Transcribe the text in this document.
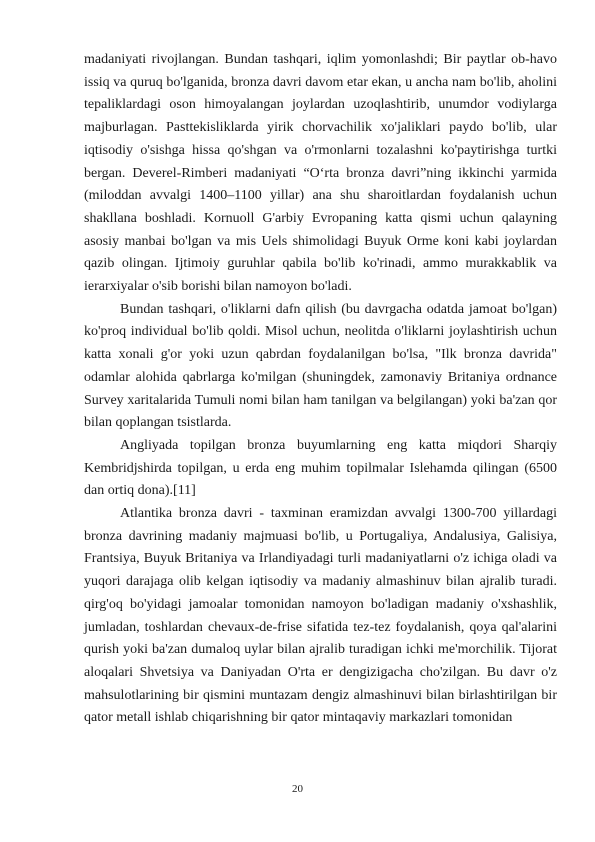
madaniyati rivojlangan. Bundan tashqari, iqlim yomonlashdi; Bir paytlar ob-havo issiq va quruq bo'lganida, bronza davri davom etar ekan, u ancha nam bo'lib, aholini tepaliklardagi oson himoyalangan joylardan uzoqlashtirib, unumdor vodiylarga majburlagan. Pasttekisliklarda yirik chorvachilik xo'jaliklari paydo bo'lib, ular iqtisodiy o'sishga hissa qo'shgan va o'rmonlarni tozalashni ko'paytirishga turtki bergan. Deverel-Rimberi madaniyati “O‘rta bronza davri”ning ikkinchi yarmida (miloddan avvalgi 1400–1100 yillar) ana shu sharoitlardan foydalanish uchun shakllana boshladi. Kornuoll G'arbiy Evropaning katta qismi uchun qalayning asosiy manbai bo'lgan va mis Uels shimolidagi Buyuk Orme koni kabi joylardan qazib olingan. Ijtimoiy guruhlar qabila bo'lib ko'rinadi, ammo murakkablik va ierarxiyalar o'sib borishi bilan namoyon bo'ladi.

Bundan tashqari, o'liklarni dafn qilish (bu davrgacha odatda jamoat bo'lgan) ko'proq individual bo'lib qoldi. Misol uchun, neolitda o'liklarni joylashtirish uchun katta xonali g'or yoki uzun qabrdan foydalanilgan bo'lsa, "Ilk bronza davrida" odamlar alohida qabrlarga ko'milgan (shuningdek, zamonaviy Britaniya ordnance Survey xaritalarida Tumuli nomi bilan ham tanilgan va belgilangan) yoki ba'zan qor bilan qoplangan tsistlarda.

Angliyada topilgan bronza buyumlarning eng katta miqdori Sharqiy Kembridjshirda topilgan, u erda eng muhim topilmalar Islehamda qilingan (6500 dan ortiq dona).[11]

Atlantika bronza davri - taxminan eramizdan avvalgi 1300-700 yillardagi bronza davrining madaniy majmuasi bo'lib, u Portugaliya, Andalusiya, Galisiya, Frantsiya, Buyuk Britaniya va Irlandiyadagi turli madaniyatlarni o'z ichiga oladi va yuqori darajaga olib kelgan iqtisodiy va madaniy almashinuv bilan ajralib turadi. qirg'oq bo'yidagi jamoalar tomonidan namoyon bo'ladigan madaniy o'xshashlik, jumladan, toshlardan chevaux-de-frise sifatida tez-tez foydalanish, qoya qal'alarini qurish yoki ba'zan dumaloq uylar bilan ajralib turadigan ichki me'morchilik. Tijorat aloqalari Shvetsiya va Daniyadan O'rta er dengizigacha cho'zilgan. Bu davr o'z mahsulotlarining bir qismini muntazam dengiz almashinuvi bilan birlashtirilgan bir qator metall ishlab chiqarishning bir qator mintaqaviy markazlari tomonidan

20
